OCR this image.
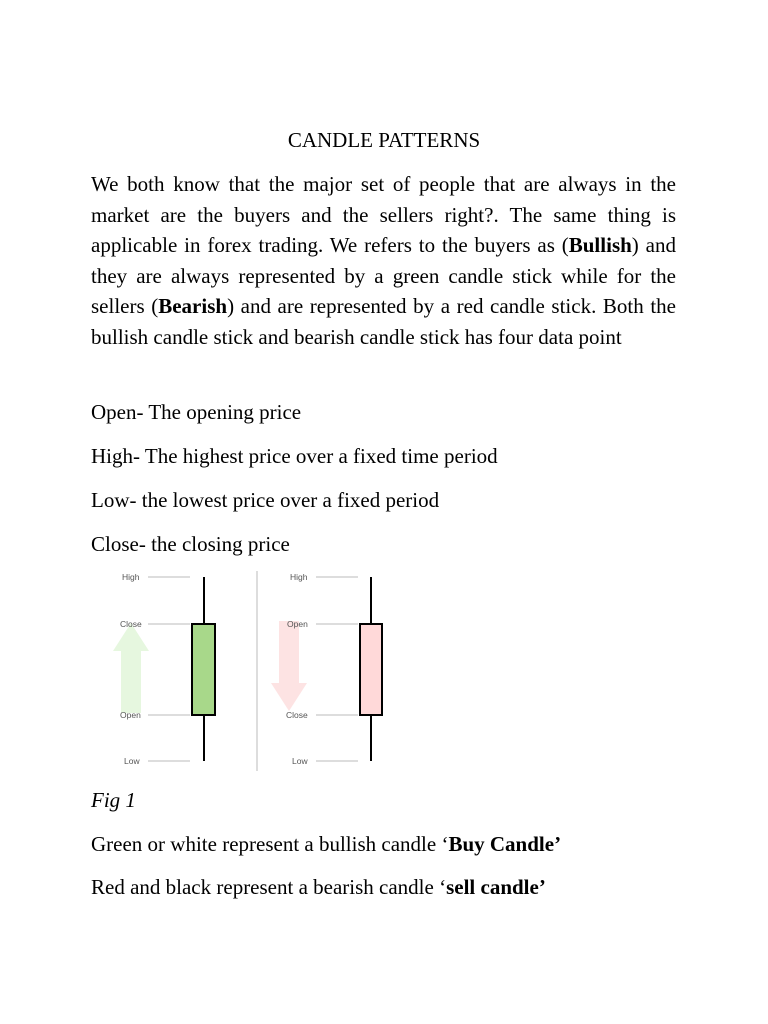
CANDLE PATTERNS

We both know that the major set of people that are always in the market are the buyers and the sellers right?. The same thing is applicable in forex trading. We refers to the buyers as (Bullish) and they are always represented by a green candle stick while for the sellers (Bearish) and are represented by a red candle stick. Both the bullish candle stick and bearish candle stick has four data point

Open- The opening price
High- The highest price over a fixed time period
Low- the lowest price over a fixed period
Close- the closing price
High
Close
Open
Low
High
Open
Close
Low
Fig 1
Green or white represent a bullish candle ‘Buy Candle’
Red and black represent a bearish candle ‘sell candle’
